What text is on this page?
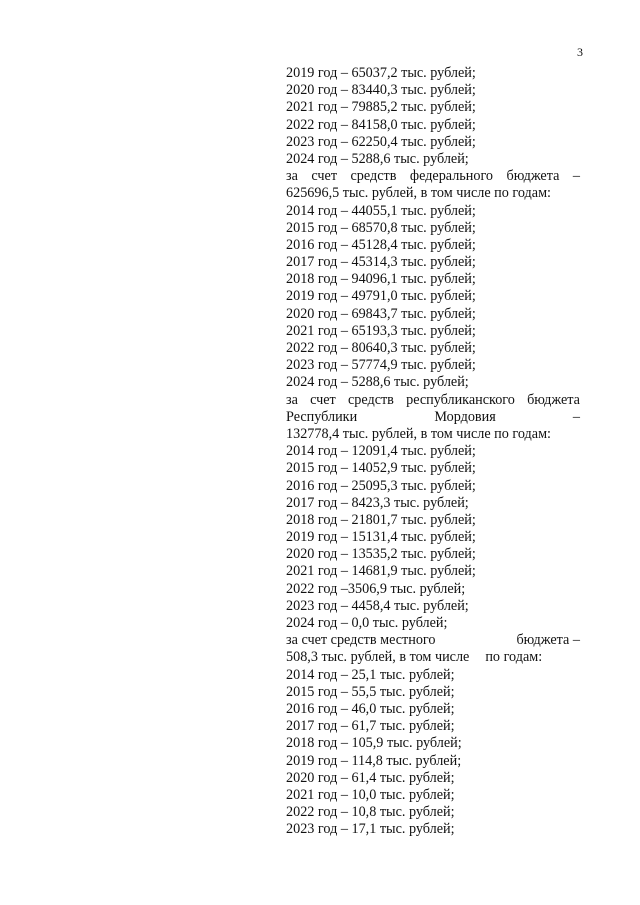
3
2019 год – 65037,2 тыс. рублей;
2020 год – 83440,3 тыс. рублей;
2021 год – 79885,2 тыс. рублей;
2022 год – 84158,0 тыс. рублей;
2023 год – 62250,4 тыс. рублей;
2024 год – 5288,6 тыс. рублей;
за счет средств федерального бюджета –
625696,5 тыс. рублей, в том числе по годам:
2014 год – 44055,1 тыс. рублей;
2015 год – 68570,8 тыс. рублей;
2016 год – 45128,4 тыс. рублей;
2017 год – 45314,3 тыс. рублей;
2018 год – 94096,1 тыс. рублей;
2019 год – 49791,0 тыс. рублей;
2020 год – 69843,7 тыс. рублей;
2021 год – 65193,3 тыс. рублей;
2022 год – 80640,3 тыс. рублей;
2023 год – 57774,9 тыс. рублей;
2024 год – 5288,6 тыс. рублей;
за счет средств республиканского бюджета
Республики	Мордовия	–
132778,4 тыс. рублей, в том числе по годам:
2014 год – 12091,4 тыс. рублей;
2015 год – 14052,9 тыс. рублей;
2016 год – 25095,3 тыс. рублей;
2017 год – 8423,3 тыс. рублей;
2018 год – 21801,7 тыс. рублей;
2019 год – 15131,4 тыс. рублей;
2020 год – 13535,2 тыс. рублей;
2021 год – 14681,9 тыс. рублей;
2022 год –3506,9 тыс. рублей;
2023 год – 4458,4 тыс. рублей;
2024 год – 0,0 тыс. рублей;
за счет средств местного	бюджета –
508,3 тыс. рублей, в том числе по годам:
2014 год – 25,1 тыс. рублей;
2015 год – 55,5 тыс. рублей;
2016 год – 46,0 тыс. рублей;
2017 год – 61,7 тыс. рублей;
2018 год – 105,9 тыс. рублей;
2019 год – 114,8 тыс. рублей;
2020 год – 61,4 тыс. рублей;
2021 год – 10,0 тыс. рублей;
2022 год – 10,8 тыс. рублей;
2023 год – 17,1 тыс. рублей;
